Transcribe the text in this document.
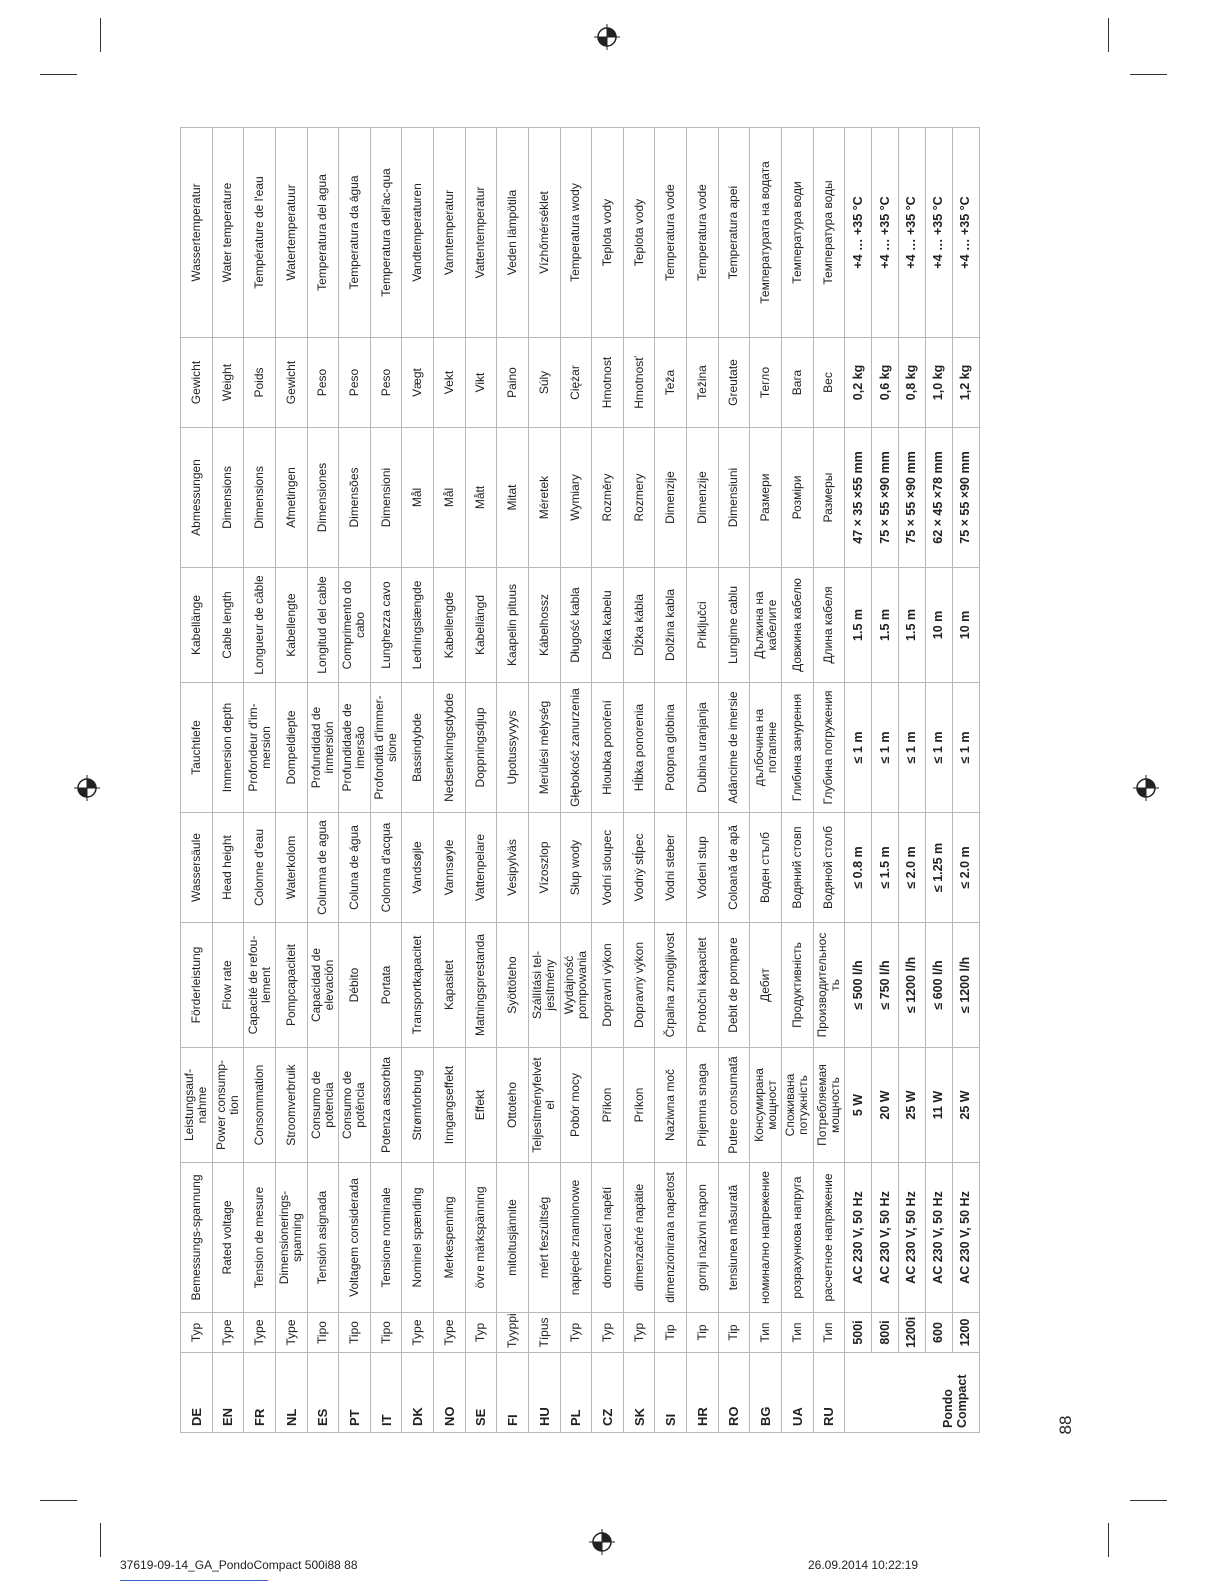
DE	Typ	Bemessungs-spannung	Leistungsauf-nahme	Förderleistung	Wassersäule	Tauchtiefe	Kabellänge	Abmessungen	Gewicht	Wassertemperatur
EN	Type	Rated voltage	Power consump-tion	Flow rate	Head height	Immersion depth	Cable length	Dimensions	Weight	Water temperature
FR	Type	Tension de mesure	Consommation	Capacité de refou-lement	Colonne d'eau	Profondeur d'im-mersion	Longueur de câble	Dimensions	Poids	Température de l'eau
NL	Type	Dimensionerings-spanning	Stroomverbruik	Pompcapaciteit	Waterkolom	Dompeldiepte	Kabellengte	Afmetingen	Gewicht	Watertemperatuur
ES	Tipo	Tensión asignada	Consumo de potencia	Capacidad de elevación	Columna de agua	Profundidad de inmersión	Longitud del cable	Dimensiones	Peso	Temperatura del agua
PT	Tipo	Voltagem considerada	Consumo de potência	Débito	Coluna de água	Profundidade de imersão	Comprimento do cabo	Dimensões	Peso	Temperatura da água
IT	Tipo	Tensione nominale	Potenza assorbita	Portata	Colonna d'acqua	Profondità d'immer-sione	Lunghezza cavo	Dimensioni	Peso	Temperatura dell'ac-qua
DK	Type	Nominel spænding	Strømforbrug	Transportkapacitet	Vandsøjle	Bassindybde	Ledningslængde	Mål	Vægt	Vandtemperaturen
NO	Type	Merkespenning	Inngangseffekt	Kapasitet	Vannsøyle	Nedsenkningsdybde	Kabellengde	Mål	Vekt	Vanntemperatur
SE	Typ	övre märkspänning	Effekt	Matningsprestanda	Vattenpelare	Doppningsdjup	Kabellängd	Mått	Vikt	Vattentemperatur
FI	Tyyppi	mitoitusjännite	Ottoteho	Syöttöteho	Vesipylväs	Upotussyvyys	Kaapelin pituus	Mitat	Paino	Veden lämpötila
HU	Típus	mért feszültség	Teljesítményfelvét el	Szállítási tel-jesítmény	Vízoszlop	Merülési mélység	Kábelhossz	Méretek	Súly	Vízhőmérséklet
PL	Typ	napięcie znamionowe	Pobór mocy	Wydajność pompowania	Słup wody	Głębokość zanurzenia	Długość kabla	Wymiary	Ciężar	Temperatura wody
CZ	Typ	domezovací napětí	Příkon	Dopravní výkon	Vodní sloupec	Hloubka ponoření	Délka kabelu	Rozměry	Hmotnost	Teplota vody
SK	Typ	dimenzačné napätie	Príkon	Dopravný výkon	Vodný stĺpec	Hĺbka ponorenia	Dĺžka kábla	Rozmery	Hmotnosť	Teplota vody
SI	Tip	dimenzionirana napetost	Naziwna moč	Črpalna zmogljivost	Vodni steber	Potopna globina	Dolžina kabla	Dimenzije	Teža	Temperatura vode
HR	Tip	gornji nazivni napon	Prijemna snaga	Protočni kapacitet	Vodeni stup	Dubina uranjanja	Priključci	Dimenzije	Težina	Temperatura vode
RO	Tip	tensiunea măsurată	Putere consumată	Debit de pompare	Coloană de apă	Adâncime de imersie	Lungime cablu	Dimensiuni	Greutate	Temperatura apei
BG	Тип	номинално напрежение	Консумирана мощност	Дебит	Воден стълб	дълбочина на потапяне	Дължина на кабелите	Размери	Тегло	Температурата на водата
UA	Тип	розрахункова напруга	Споживана потужність	Продуктивність	Водяний стовп	Глибина занурення	Довжина кабелю	Розміри	Вага	Температура води
RU	Тип	расчетное напряжение	Потребляемая мощность	Производительнос ть	Водяной столб	Глубина погружения	Длина кабеля	Размеры	Вес	Температура воды
Pondo Compact	500i	AC 230 V, 50 Hz	5 W	≤ 500 l/h	≤ 0.8 m	≤ 1 m	1.5 m	47 × 35 ×55 mm	0,2 kg	+4 … +35 °C
	800i	AC 230 V, 50 Hz	20 W	≤ 750 l/h	≤ 1.5 m	≤ 1 m	1.5 m	75 × 55 ×90 mm	0,6 kg	+4 … +35 °C
	1200i	AC 230 V, 50 Hz	25 W	≤ 1200 l/h	≤ 2.0 m	≤ 1 m	1.5 m	75 × 55 ×90 mm	0,8 kg	+4 … +35 °C
	600	AC 230 V, 50 Hz	11 W	≤ 600 l/h	≤ 1.25 m	≤ 1 m	10 m	62 × 45 ×78 mm	1,0 kg	+4 … +35 °C
	1200	AC 230 V, 50 Hz	25 W	≤ 1200 l/h	≤ 2.0 m	≤ 1 m	10 m	75 × 55 ×90 mm	1,2 kg	+4 … +35 °C
88
37619-09-14_GA_PondoCompact 500i88 88	26.09.2014 10:22:19
